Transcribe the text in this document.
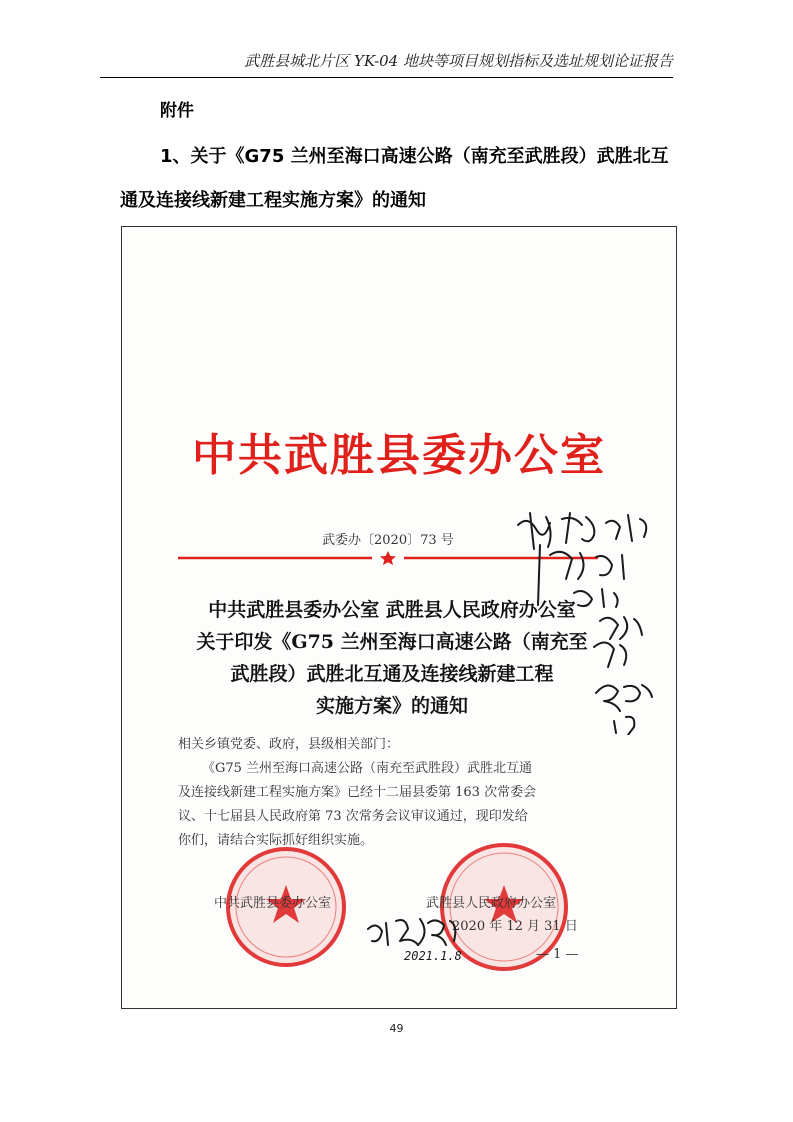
武胜县城北片区 YK-04 地块等项目规划指标及选址规划论证报告
附件
1、关于《G75 兰州至海口高速公路（南充至武胜段）武胜北互
通及连接线新建工程实施方案》的通知
中共武胜县委办公室
武委办〔2020〕73 号
中共武胜县委办公室 武胜县人民政府办公室
关于印发《G75 兰州至海口高速公路（南充至
武胜段）武胜北互通及连接线新建工程
实施方案》的通知
相关乡镇党委、政府，县级相关部门：
《G75 兰州至海口高速公路（南充至武胜段）武胜北互通
及连接线新建工程实施方案》已经十二届县委第 163 次常委会
议、十七届县人民政府第 73 次常务会议审议通过，现印发给
你们，请结合实际抓好组织实施。
中共武胜县委办公室	武胜县人民政府办公室
2020 年 12 月 31 日
— 1 —
2021.1.8
49
